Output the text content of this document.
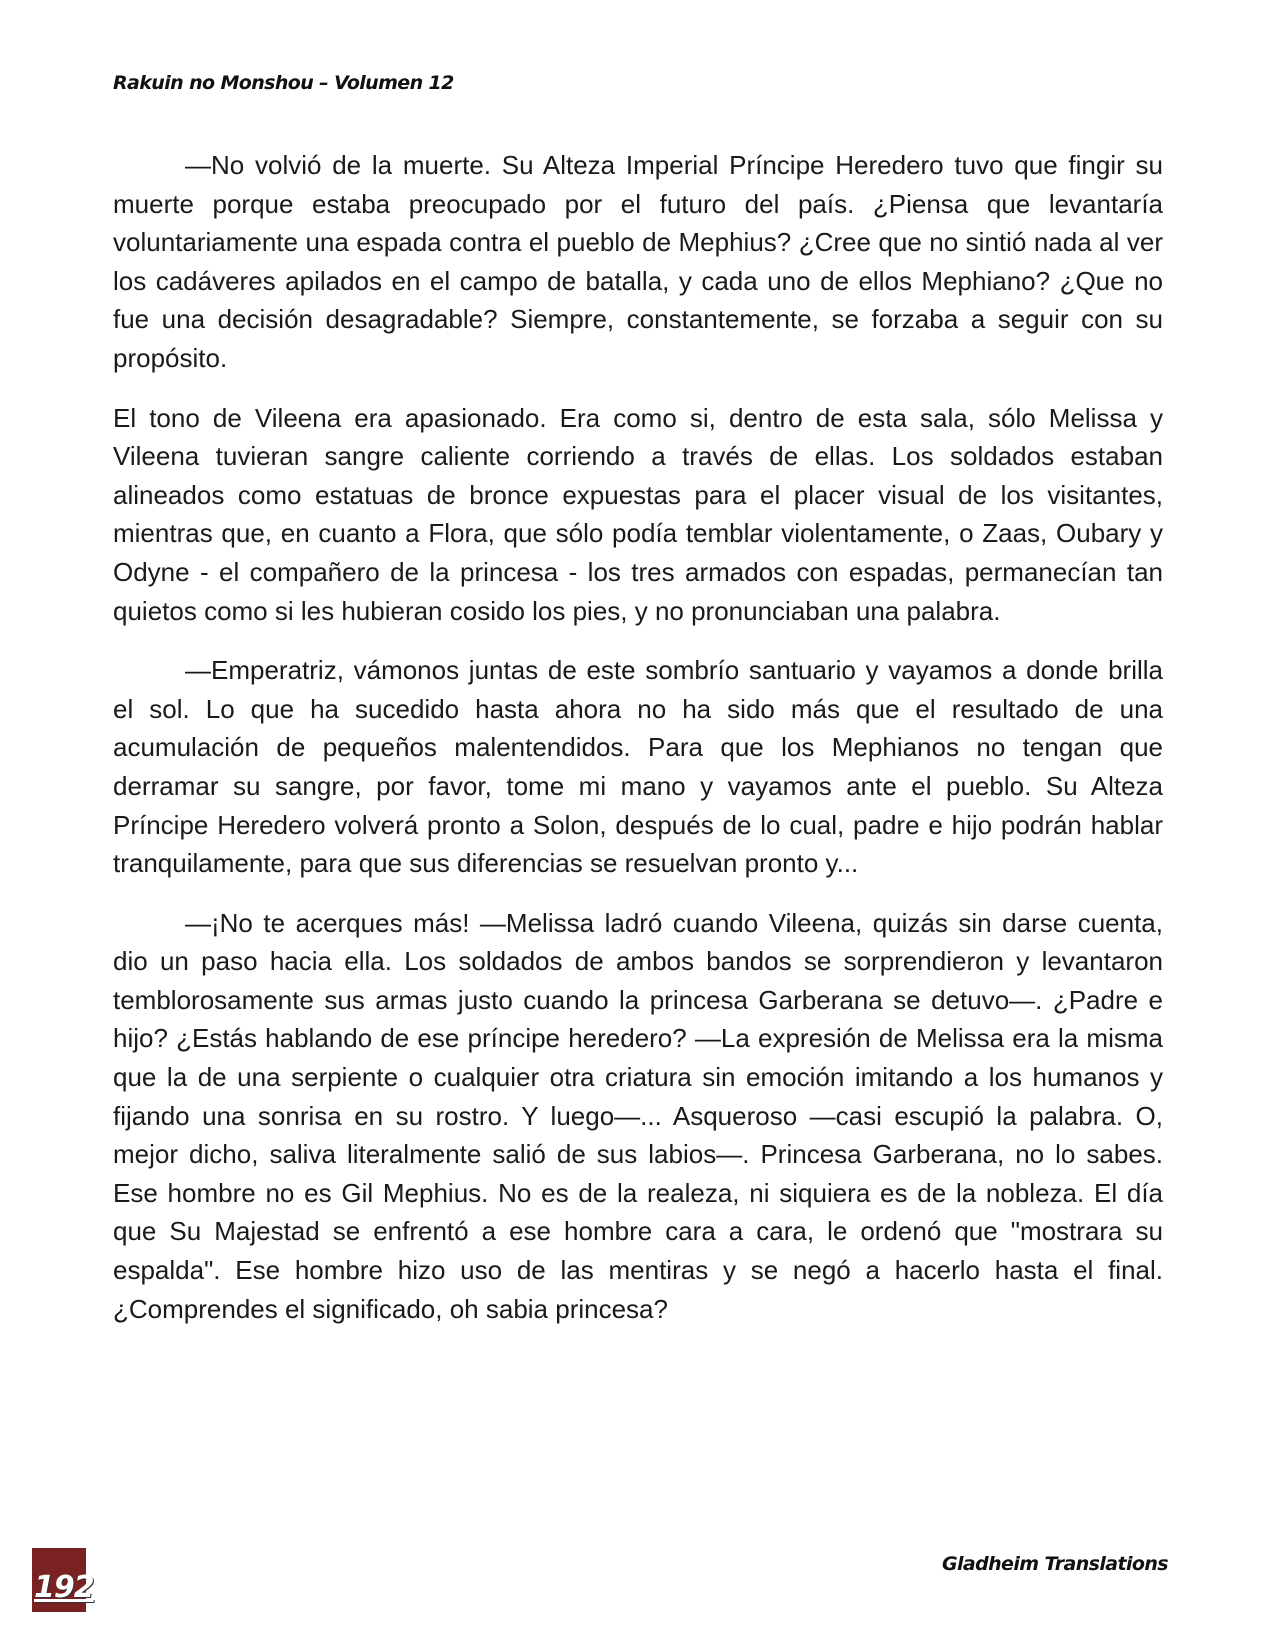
Rakuin no Monshou – Volumen 12

—No volvió de la muerte. Su Alteza Imperial Príncipe Heredero tuvo que fingir su muerte porque estaba preocupado por el futuro del país. ¿Piensa que levantaría voluntariamente una espada contra el pueblo de Mephius? ¿Cree que no sintió nada al ver los cadáveres apilados en el campo de batalla, y cada uno de ellos Mephiano? ¿Que no fue una decisión desagradable? Siempre, constantemente, se forzaba a seguir con su propósito.

El tono de Vileena era apasionado. Era como si, dentro de esta sala, sólo Melissa y Vileena tuvieran sangre caliente corriendo a través de ellas. Los soldados estaban alineados como estatuas de bronce expuestas para el placer visual de los visitantes, mientras que, en cuanto a Flora, que sólo podía temblar violentamente, o Zaas, Oubary y Odyne - el compañero de la princesa - los tres armados con espadas, permanecían tan quietos como si les hubieran cosido los pies, y no pronunciaban una palabra.

—Emperatriz, vámonos juntas de este sombrío santuario y vayamos a donde brilla el sol. Lo que ha sucedido hasta ahora no ha sido más que el resultado de una acumulación de pequeños malentendidos. Para que los Mephianos no tengan que derramar su sangre, por favor, tome mi mano y vayamos ante el pueblo. Su Alteza Príncipe Heredero volverá pronto a Solon, después de lo cual, padre e hijo podrán hablar tranquilamente, para que sus diferencias se resuelvan pronto y...

—¡No te acerques más! —Melissa ladró cuando Vileena, quizás sin darse cuenta, dio un paso hacia ella. Los soldados de ambos bandos se sorprendieron y levantaron temblorosamente sus armas justo cuando la princesa Garberana se detuvo—. ¿Padre e hijo? ¿Estás hablando de ese príncipe heredero? —La expresión de Melissa era la misma que la de una serpiente o cualquier otra criatura sin emoción imitando a los humanos y fijando una sonrisa en su rostro. Y luego—... Asqueroso —casi escupió la palabra. O, mejor dicho, saliva literalmente salió de sus labios—. Princesa Garberana, no lo sabes. Ese hombre no es Gil Mephius. No es de la realeza, ni siquiera es de la nobleza. El día que Su Majestad se enfrentó a ese hombre cara a cara, le ordenó que "mostrara su espalda". Ese hombre hizo uso de las mentiras y se negó a hacerlo hasta el final. ¿Comprendes el significado, oh sabia princesa?

192
Gladheim Translations
